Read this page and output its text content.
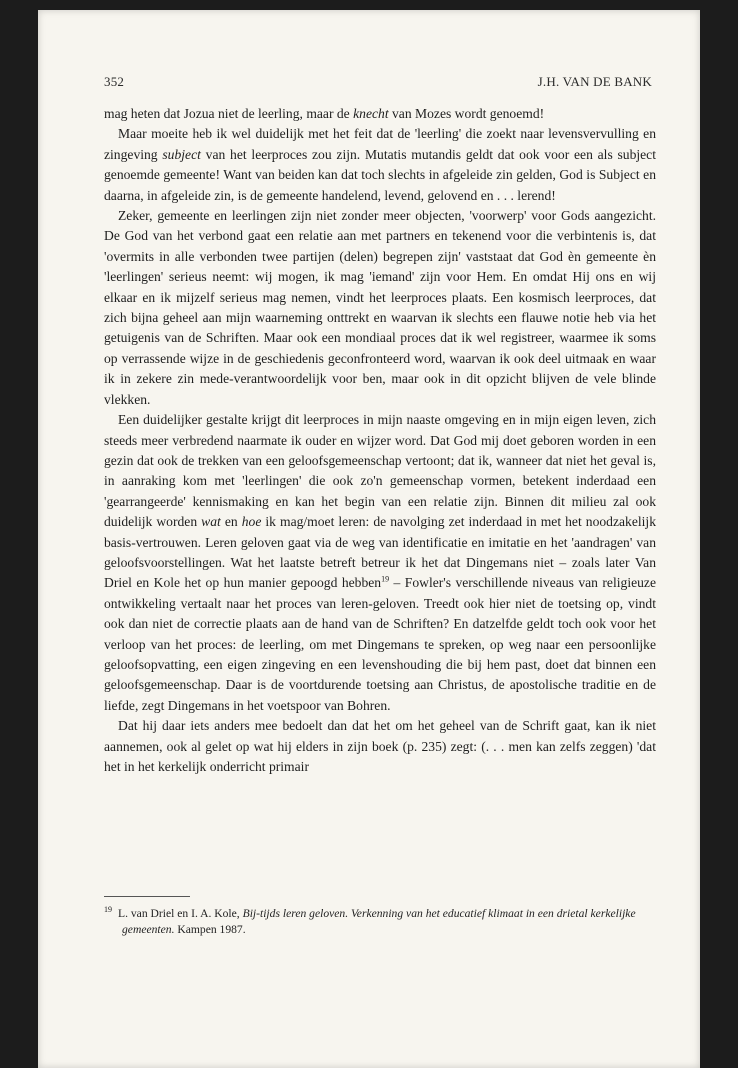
352	J.H. VAN DE BANK

mag heten dat Jozua niet de leerling, maar de knecht van Mozes wordt genoemd!

Maar moeite heb ik wel duidelijk met het feit dat de 'leerling' die zoekt naar levensvervulling en zingeving subject van het leerproces zou zijn. Mutatis mutandis geldt dat ook voor een als subject genoemde gemeente! Want van beiden kan dat toch slechts in afgeleide zin gelden, God is Subject en daarna, in afgeleide zin, is de gemeente handelend, levend, gelovend en . . . lerend!

Zeker, gemeente en leerlingen zijn niet zonder meer objecten, 'voorwerp' voor Gods aangezicht. De God van het verbond gaat een relatie aan met partners en tekenend voor die verbintenis is, dat 'overmits in alle verbonden twee partijen (delen) begrepen zijn' vaststaat dat God èn gemeente èn 'leerlingen' serieus neemt: wij mogen, ik mag 'iemand' zijn voor Hem. En omdat Hij ons en wij elkaar en ik mijzelf serieus mag nemen, vindt het leerproces plaats. Een kosmisch leerproces, dat zich bijna geheel aan mijn waarneming onttrekt en waarvan ik slechts een flauwe notie heb via het getuigenis van de Schriften. Maar ook een mondiaal proces dat ik wel registreer, waarmee ik soms op verrassende wijze in de geschiedenis geconfronteerd word, waarvan ik ook deel uitmaak en waar ik in zekere zin mede-verantwoordelijk voor ben, maar ook in dit opzicht blijven de vele blinde vlekken.

Een duidelijker gestalte krijgt dit leerproces in mijn naaste omgeving en in mijn eigen leven, zich steeds meer verbredend naarmate ik ouder en wijzer word. Dat God mij doet geboren worden in een gezin dat ook de trekken van een geloofsgemeenschap vertoont; dat ik, wanneer dat niet het geval is, in aanraking kom met 'leerlingen' die ook zo'n gemeenschap vormen, betekent inderdaad een 'gearrangeerde' kennismaking en kan het begin van een relatie zijn. Binnen dit milieu zal ook duidelijk worden wat en hoe ik mag/moet leren: de navolging zet inderdaad in met het noodzakelijk basis-vertrouwen. Leren geloven gaat via de weg van identificatie en imitatie en het 'aandragen' van geloofsvoorstellingen. Wat het laatste betreft betreur ik het dat Dingemans niet – zoals later Van Driel en Kole het op hun manier gepoogd hebben$^{19}$ – Fowler's verschillende niveaus van religieuze ontwikkeling vertaalt naar het proces van leren-geloven. Treedt ook hier niet de toetsing op, vindt ook dan niet de correctie plaats aan de hand van de Schriften? En datzelfde geldt toch ook voor het verloop van het proces: de leerling, om met Dingemans te spreken, op weg naar een persoonlijke geloofsopvatting, een eigen zingeving en een levenshouding die bij hem past, doet dat binnen een geloofsgemeenschap. Daar is de voortdurende toetsing aan Christus, de apostolische traditie en de liefde, zegt Dingemans in het voetspoor van Bohren.

Dat hij daar iets anders mee bedoelt dan dat het om het geheel van de Schrift gaat, kan ik niet aannemen, ook al gelet op wat hij elders in zijn boek (p. 235) zegt: (. . . men kan zelfs zeggen) 'dat het in het kerkelijk onderricht primair

$^{19}$ L. van Driel en I. A. Kole, Bij-tijds leren geloven. Verkenning van het educatief klimaat in een drietal kerkelijke gemeenten. Kampen 1987.
